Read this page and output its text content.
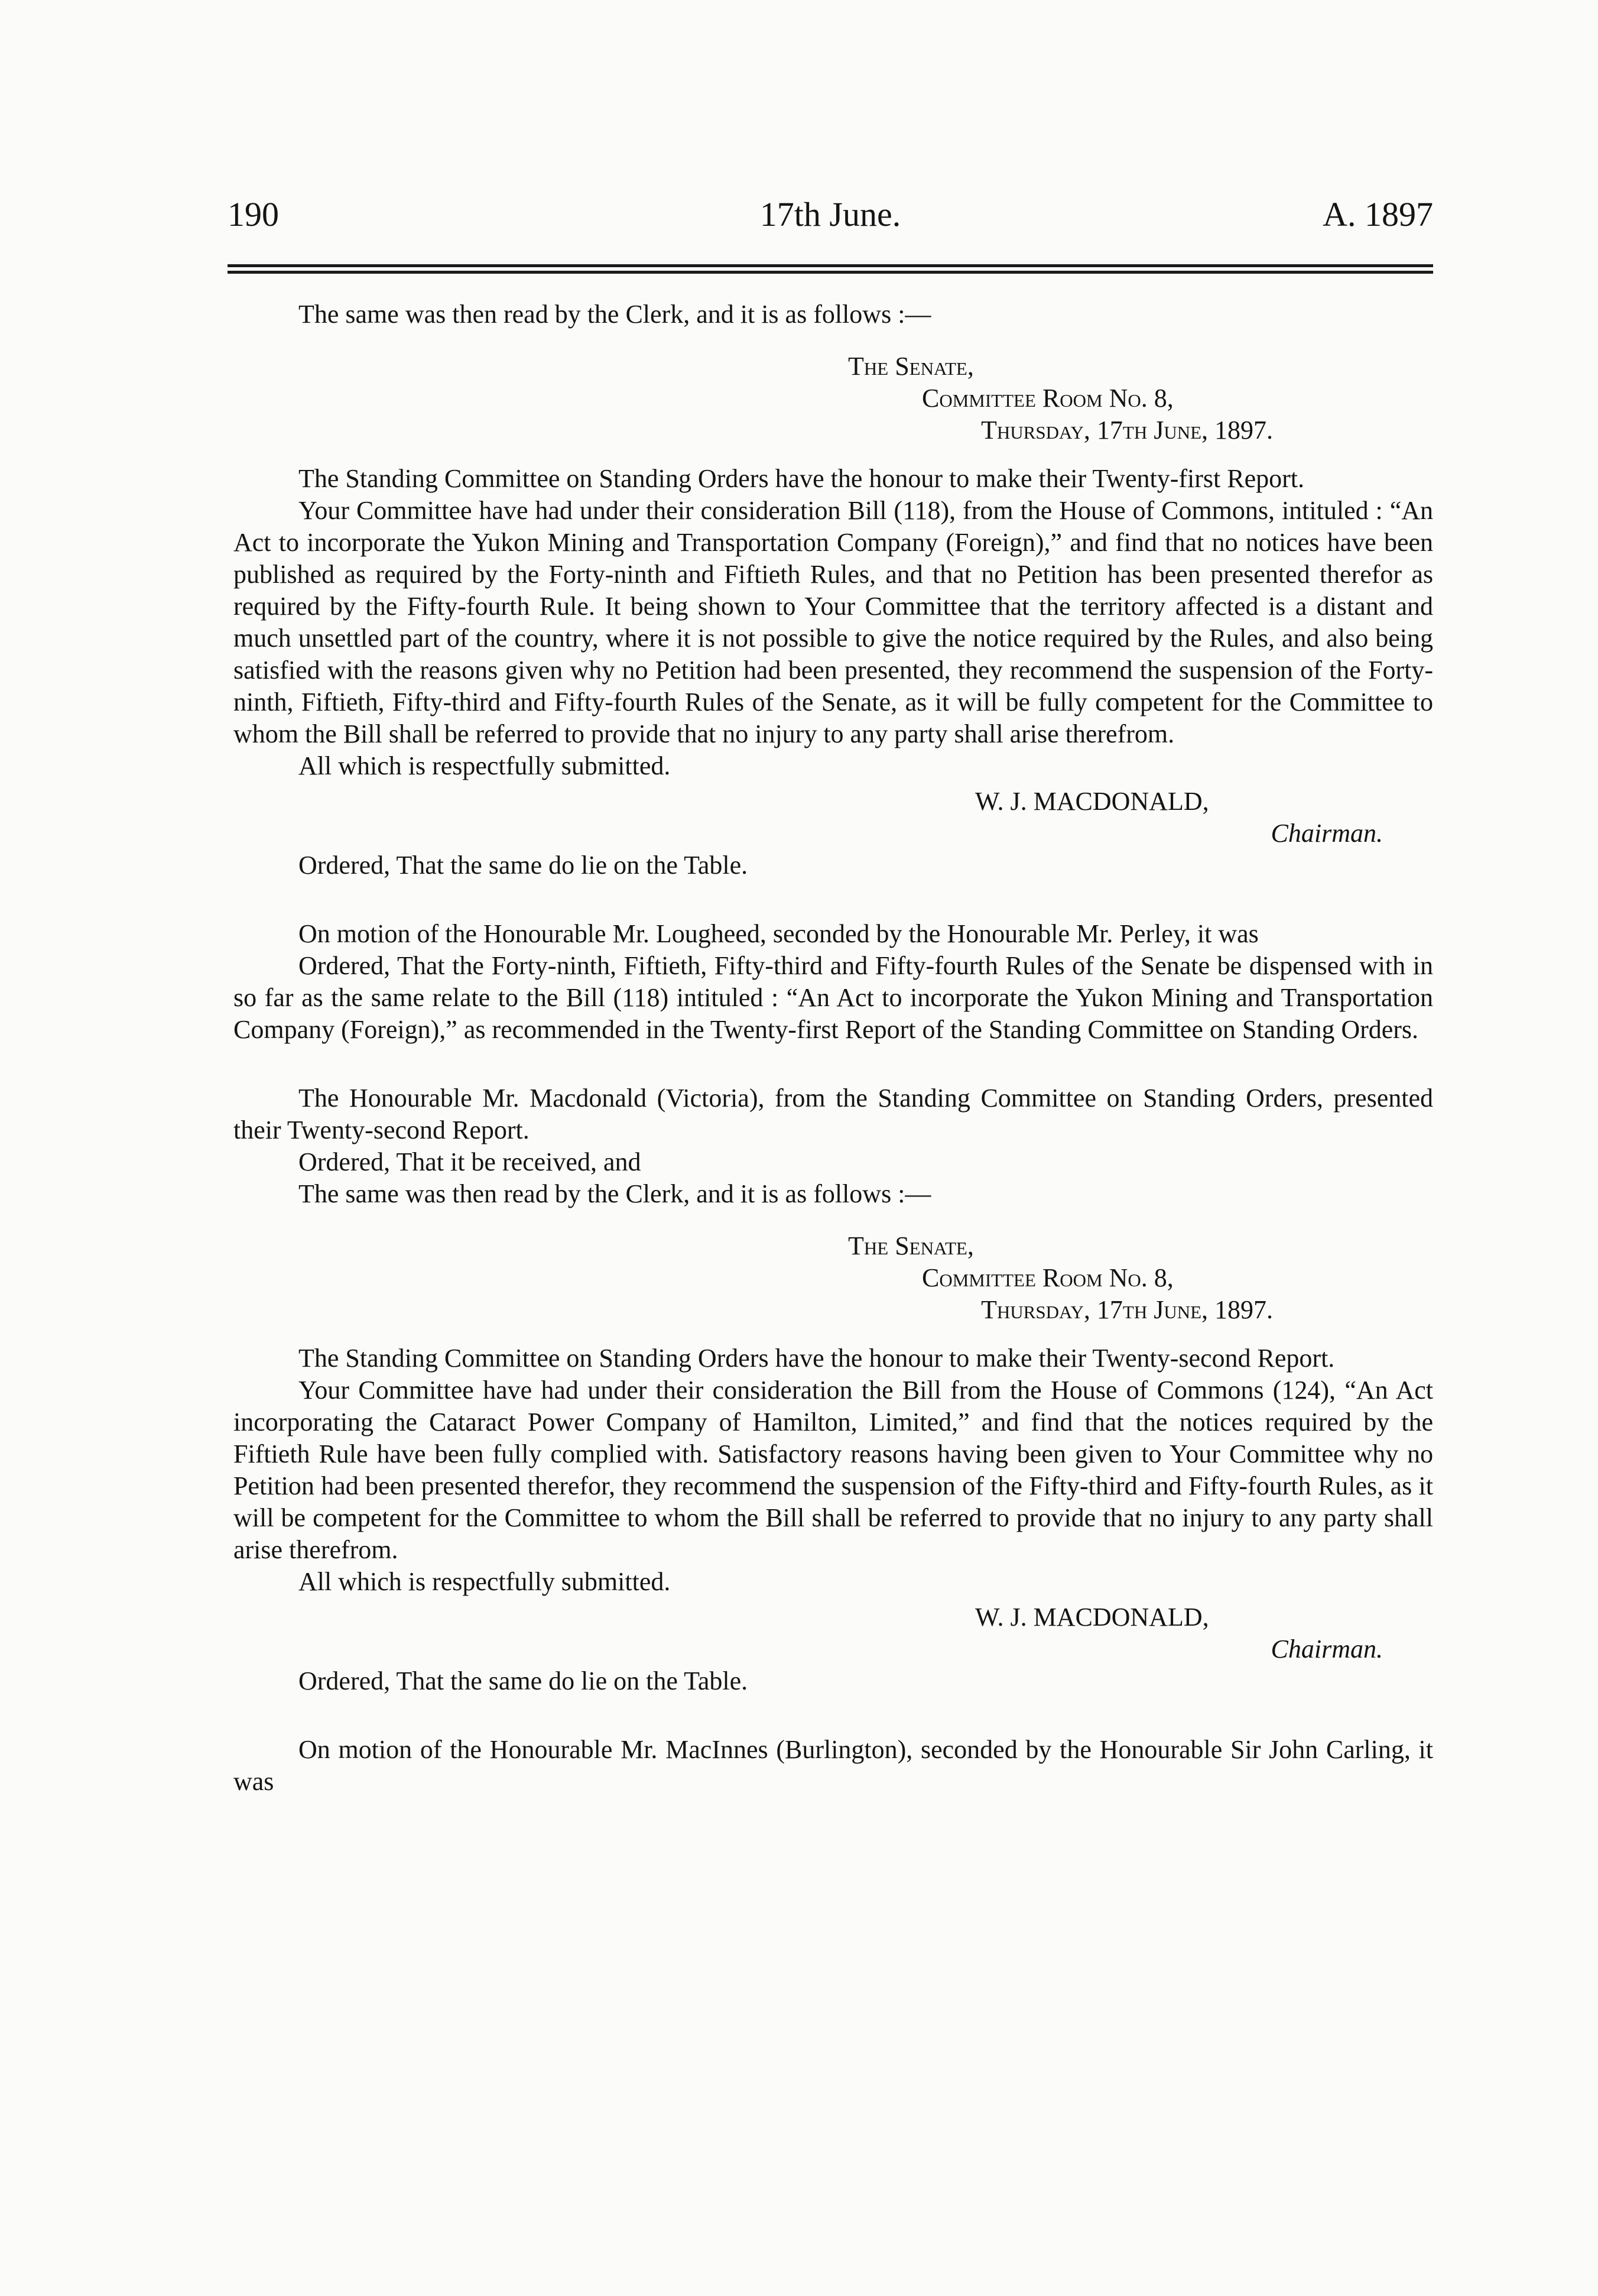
190	17th June.	A. 1897

The same was then read by the Clerk, and it is as follows :—

The Senate,
Committee Room No. 8,
Thursday, 17th June, 1897.

The Standing Committee on Standing Orders have the honour to make their Twenty-first Report.

Your Committee have had under their consideration Bill (118), from the House of Commons, intituled : “An Act to incorporate the Yukon Mining and Transportation Company (Foreign),” and find that no notices have been published as required by the Forty-ninth and Fiftieth Rules, and that no Petition has been presented therefor as required by the Fifty-fourth Rule. It being shown to Your Committee that the territory affected is a distant and much unsettled part of the country, where it is not possible to give the notice required by the Rules, and also being satisfied with the reasons given why no Petition had been presented, they recommend the suspension of the Forty-ninth, Fiftieth, Fifty-third and Fifty-fourth Rules of the Senate, as it will be fully competent for the Committee to whom the Bill shall be referred to provide that no injury to any party shall arise therefrom.

All which is respectfully submitted.

W. J. MACDONALD,
Chairman.

Ordered, That the same do lie on the Table.

On motion of the Honourable Mr. Lougheed, seconded by the Honourable Mr. Perley, it was

Ordered, That the Forty-ninth, Fiftieth, Fifty-third and Fifty-fourth Rules of the Senate be dispensed with in so far as the same relate to the Bill (118) intituled : “An Act to incorporate the Yukon Mining and Transportation Company (Foreign),” as recommended in the Twenty-first Report of the Standing Committee on Standing Orders.

The Honourable Mr. Macdonald (Victoria), from the Standing Committee on Standing Orders, presented their Twenty-second Report.

Ordered, That it be received, and

The same was then read by the Clerk, and it is as follows :—

The Senate,
Committee Room No. 8,
Thursday, 17th June, 1897.

The Standing Committee on Standing Orders have the honour to make their Twenty-second Report.

Your Committee have had under their consideration the Bill from the House of Commons (124), “An Act incorporating the Cataract Power Company of Hamilton, Limited,” and find that the notices required by the Fiftieth Rule have been fully complied with. Satisfactory reasons having been given to Your Committee why no Petition had been presented therefor, they recommend the suspension of the Fifty-third and Fifty-fourth Rules, as it will be competent for the Committee to whom the Bill shall be referred to provide that no injury to any party shall arise therefrom.

All which is respectfully submitted.

W. J. MACDONALD,
Chairman.

Ordered, That the same do lie on the Table.

On motion of the Honourable Mr. MacInnes (Burlington), seconded by the Honourable Sir John Carling, it was
